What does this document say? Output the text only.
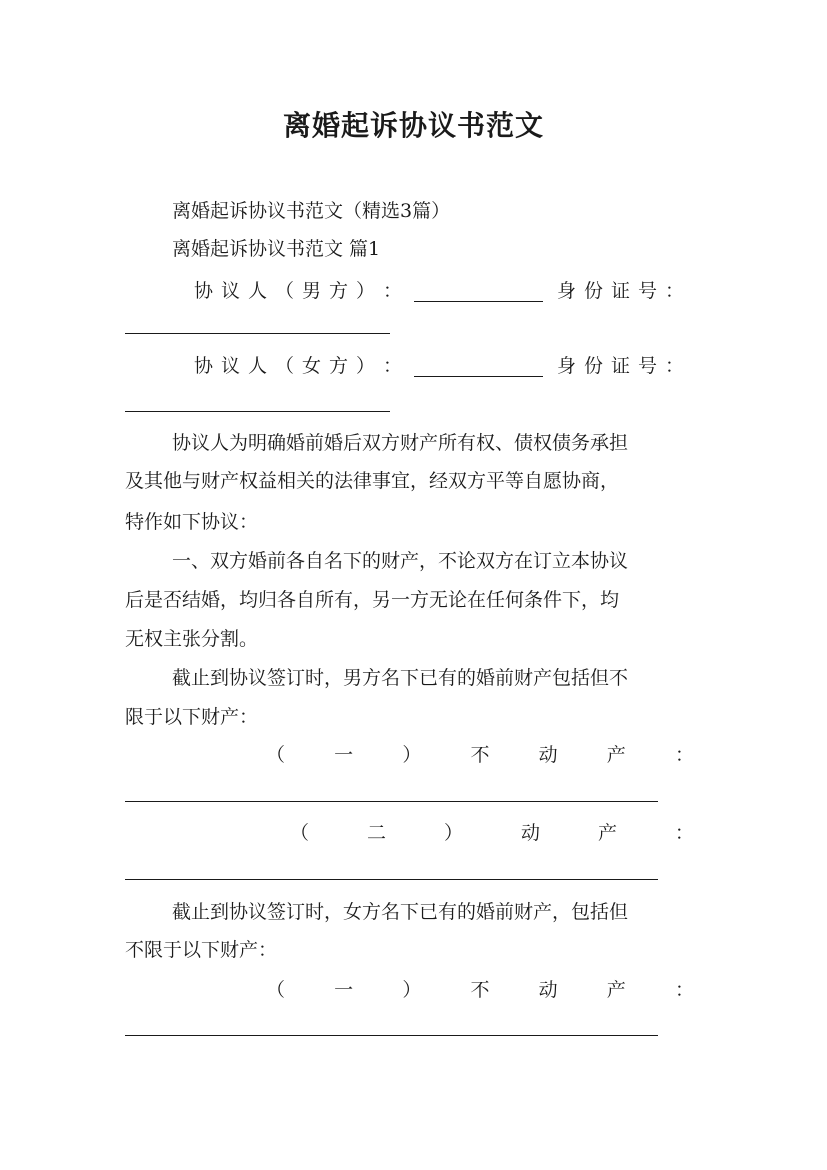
离婚起诉协议书范文
离婚起诉协议书范文（精选3篇）
离婚起诉协议书范文 篇1
协 议 人 （ 男 方 ） ：	身 份 证 号 ：
协 议 人 （ 女 方 ） ：	身 份 证 号 ：
协议人为明确婚前婚后双方财产所有权、债权债务承担
及其他与财产权益相关的法律事宜，经双方平等自愿协商，
特作如下协议：
一、双方婚前各自名下的财产，不论双方在订立本协议
后是否结婚，均归各自所有，另一方无论在任何条件下，均
无权主张分割。
截止到协议签订时，男方名下已有的婚前财产包括但不
限于以下财产：
（	一	）	不	动	产	：
（	二	）	动	产	：
截止到协议签订时，女方名下已有的婚前财产，包括但
不限于以下财产：
（	一	）	不	动	产	：
